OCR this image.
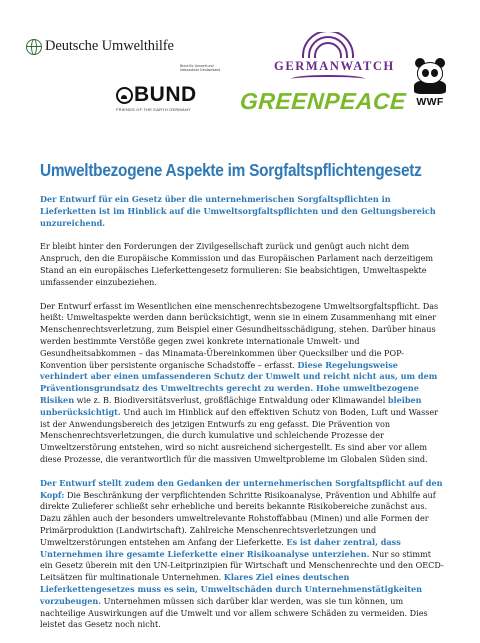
Deutsche Umwelthilfe
Bund für Umwelt und Naturschutz Deutschland
BUND
FRIENDS OF THE EARTH GERMANY
GERMANWATCH
GREENPEACE WWF
Umweltbezogene Aspekte im Sorgfaltspflichtengesetz

Der Entwurf für ein Gesetz über die unternehmerischen Sorgfaltspflichten in Lieferketten ist im Hinblick auf die Umweltsorgfaltspflichten und den Geltungsbereich unzureichend.

Er bleibt hinter den Forderungen der Zivilgesellschaft zurück und genügt auch nicht dem Anspruch, den die Europäische Kommission und das Europäischen Parlament nach derzeitigem Stand an ein europäisches Lieferkettengesetz formulieren: Sie beabsichtigen, Umweltaspekte umfassender einzubeziehen.

Der Entwurf erfasst im Wesentlichen eine menschenrechtsbezogene Umweltsorgfaltspflicht. Das heißt: Umweltaspekte werden dann berücksichtigt, wenn sie in einem Zusammenhang mit einer Menschenrechtsverletzung, zum Beispiel einer Gesundheitsschädigung, stehen. Darüber hinaus werden bestimmte Verstöße gegen zwei konkrete internationale Umwelt- und Gesundheitsabkommen – das Minamata-Übereinkommen über Quecksilber und die POP-Konvention über persistente organische Schadstoffe – erfasst. Diese Regelungsweise verhindert aber einen umfassenderen Schutz der Umwelt und reicht nicht aus, um dem Präventionsgrundsatz des Umweltrechts gerecht zu werden. Hohe umweltbezogene Risiken wie z. B. Biodiversitätsverlust, großflächige Entwaldung oder Klimawandel bleiben unberücksichtigt. Und auch im Hinblick auf den effektiven Schutz von Boden, Luft und Wasser ist der Anwendungsbereich des jetzigen Entwurfs zu eng gefasst. Die Prävention von Menschenrechtsverletzungen, die durch kumulative und schleichende Prozesse der Umweltzerstörung entstehen, wird so nicht ausreichend sichergestellt. Es sind aber vor allem diese Prozesse, die verantwortlich für die massiven Umweltprobleme im Globalen Süden sind.

Der Entwurf stellt zudem den Gedanken der unternehmerischen Sorgfaltspflicht auf den Kopf: Die Beschränkung der verpflichtenden Schritte Risikoanalyse, Prävention und Abhilfe auf direkte Zulieferer schließt sehr erhebliche und bereits bekannte Risikobereiche zunächst aus. Dazu zählen auch der besonders umweltrelevante Rohstoffabbau (Minen) und alle Formen der Primärproduktion (Landwirtschaft). Zahlreiche Menschenrechtsverletzungen und Umweltzerstörungen entstehen am Anfang der Lieferkette. Es ist daher zentral, dass Unternehmen ihre gesamte Lieferkette einer Risikoanalyse unterziehen. Nur so stimmt ein Gesetz überein mit den UN-Leitprinzipien für Wirtschaft und Menschenrechte und den OECD-Leitsätzen für multinationale Unternehmen. Klares Ziel eines deutschen Lieferkettengesetzes muss es sein, Umweltschäden durch Unternehmenstätigkeiten vorzubeugen. Unternehmen müssen sich darüber klar werden, was sie tun können, um nachteilige Auswirkungen auf die Umwelt und vor allem schwere Schäden zu vermeiden. Dies leistet das Gesetz noch nicht.
